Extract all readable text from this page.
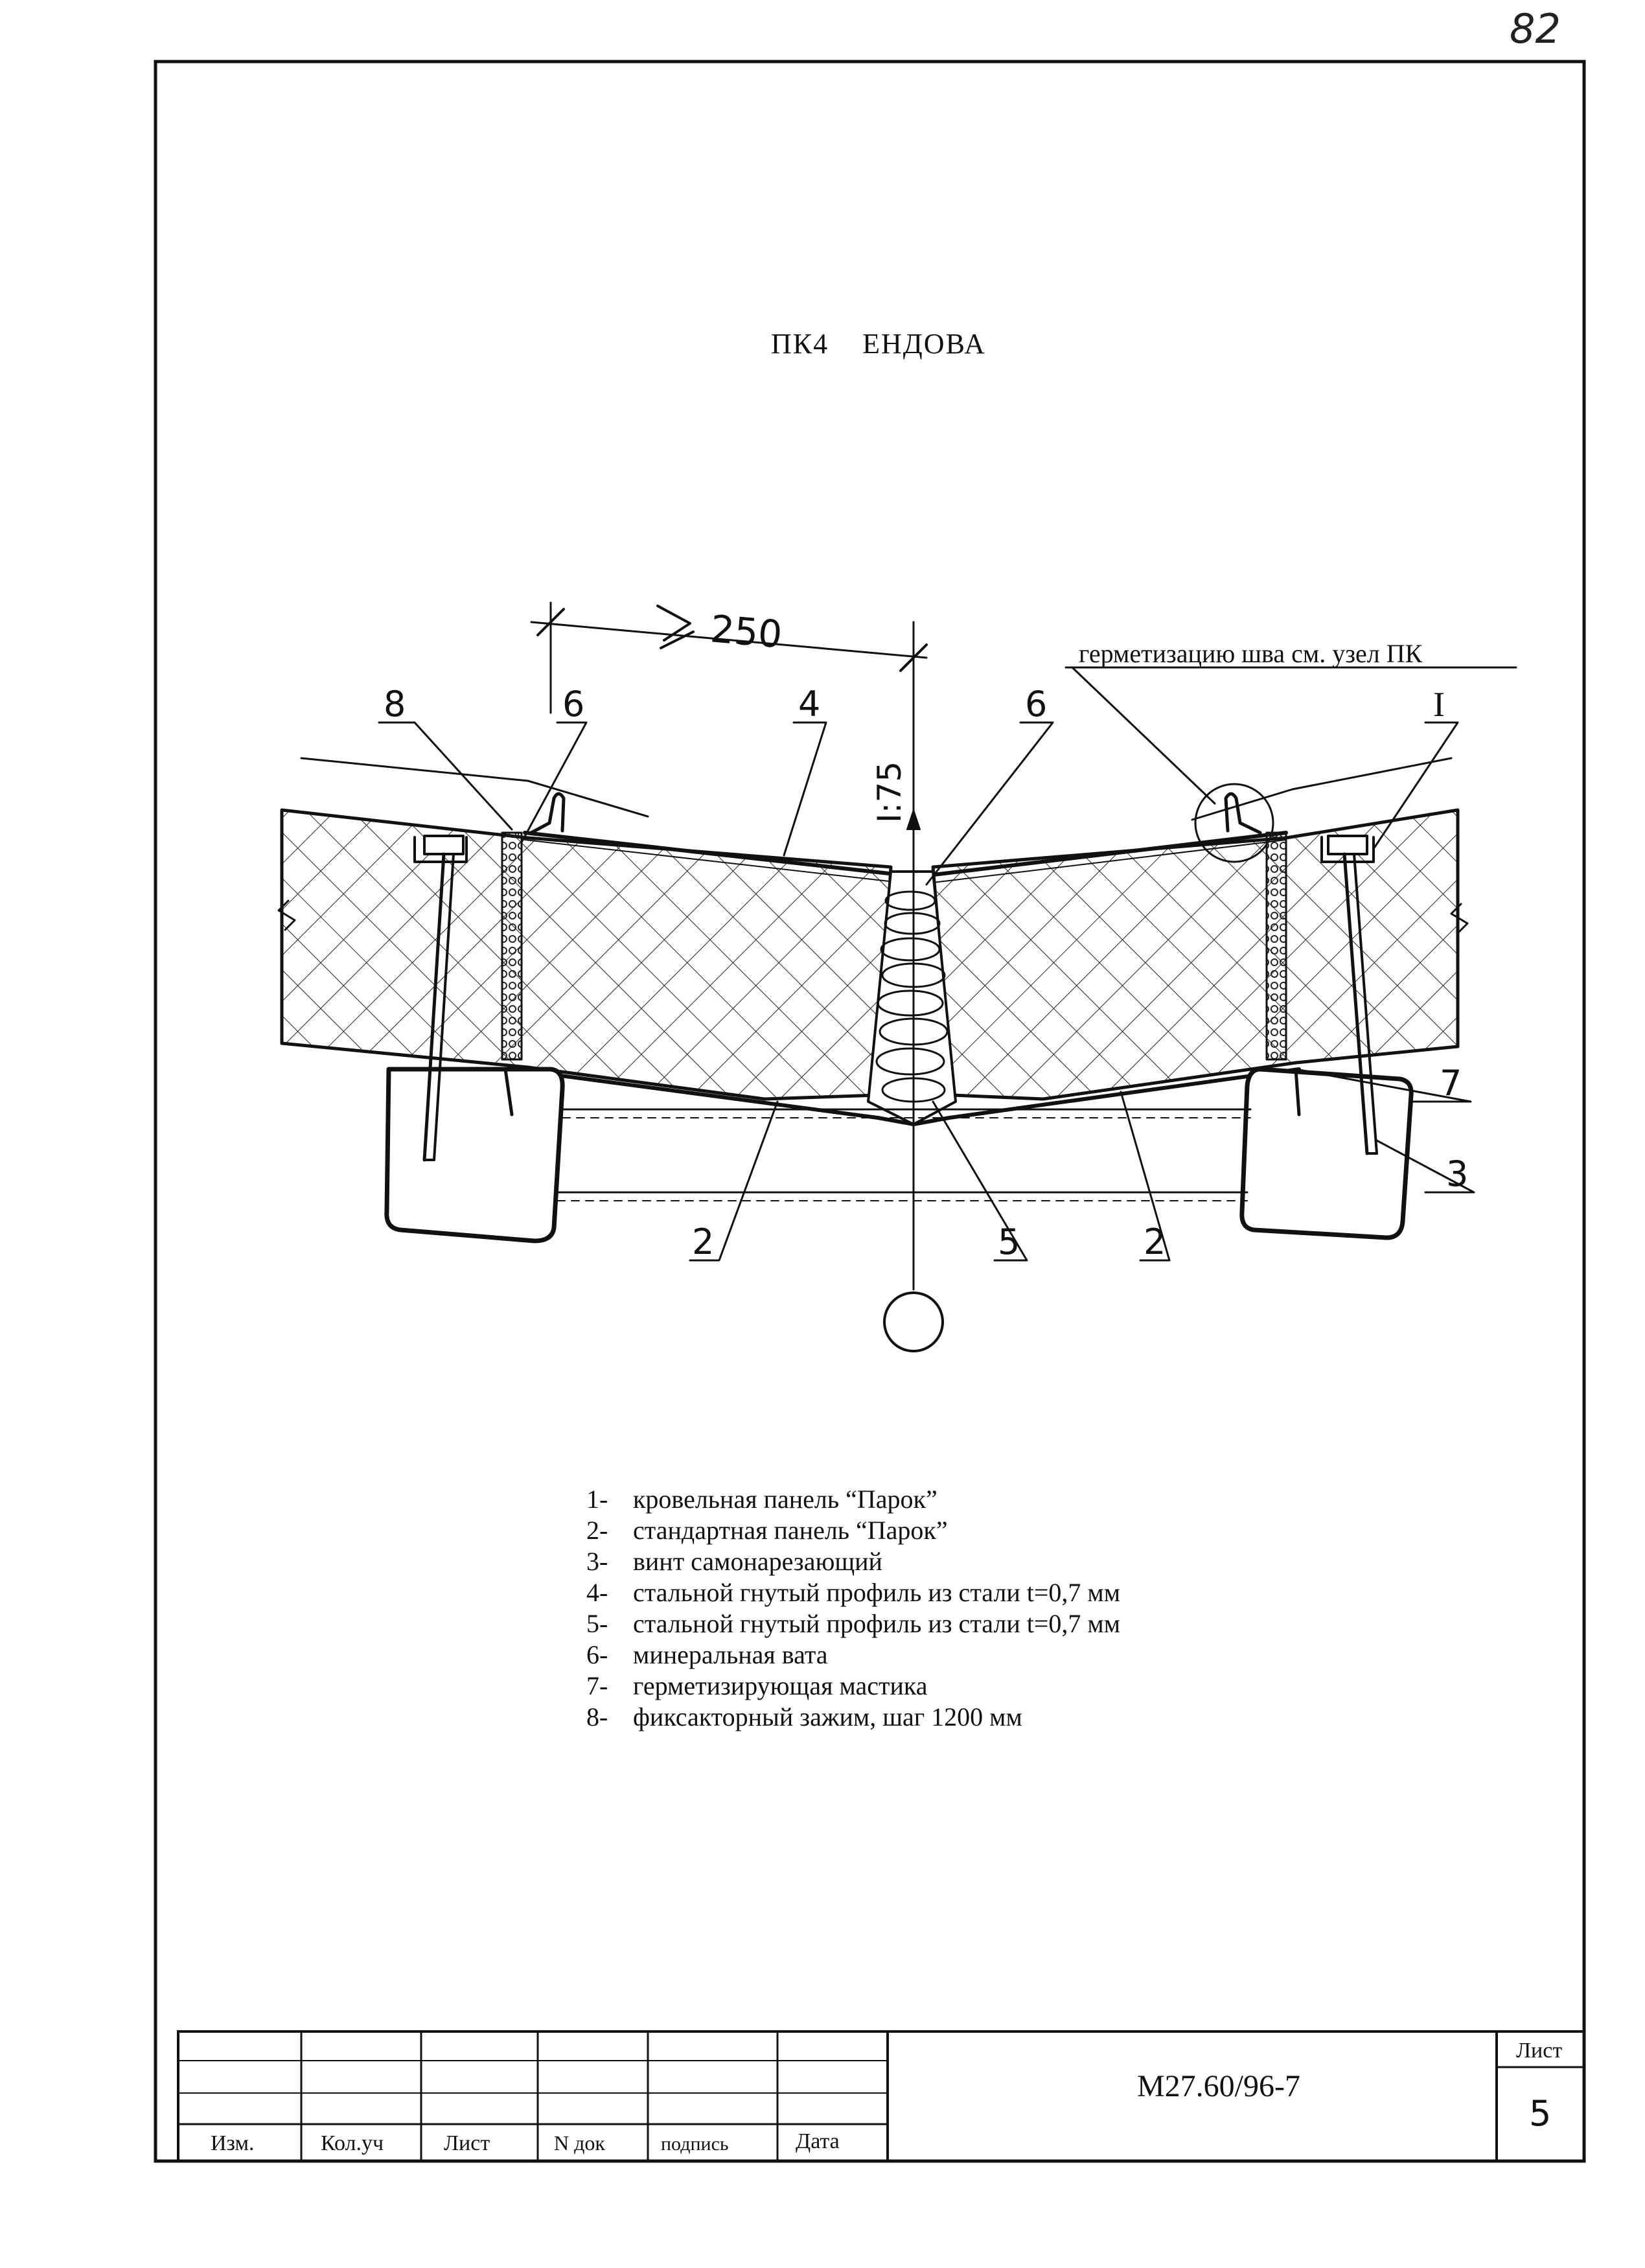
82
250
I:75
герметизацию шва см. узел ПК
8	6	4	6	I
7
3
2	5	2
Изм.	Кол.уч	Лист	N док	подпись	Дата
М27.60/96-7
Лист
5
ПК4    ЕНДОВА
1- кровельная панель “Парок”
2- стандартная панель “Парок”
3- винт самонарезающий
4- стальной гнутый профиль из стали t=0,7 мм
5- стальной гнутый профиль из стали t=0,7 мм
6- минеральная вата
7- герметизирующая мастика
8- фиксакторный зажим, шаг 1200 мм
